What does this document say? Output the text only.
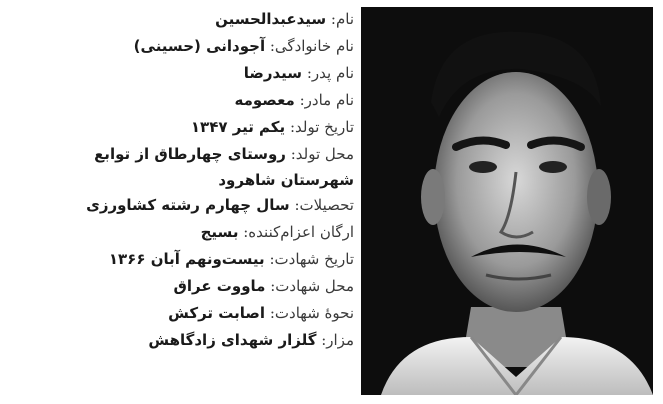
نام: سیدعبدالحسین
نام خانوادگی: آجودانی (حسینی)
نام پدر: سیدرضا
نام مادر: معصومه
تاریخ تولد: یکم تیر ۱۳۴۷
محل تولد: روستای چهارطاق از توابع
شهرستان شاهرود
تحصیلات: سال چهارم رشته کشاورزی
ارگان اعزام‌کننده: بسیج
تاریخ شهادت: بیست‌ونهم آبان ۱۳۶۶
محل شهادت: ماووت عراق
نحوهٔ شهادت: اصابت ترکش
مزار: گلزار شهدای زادگاهش
